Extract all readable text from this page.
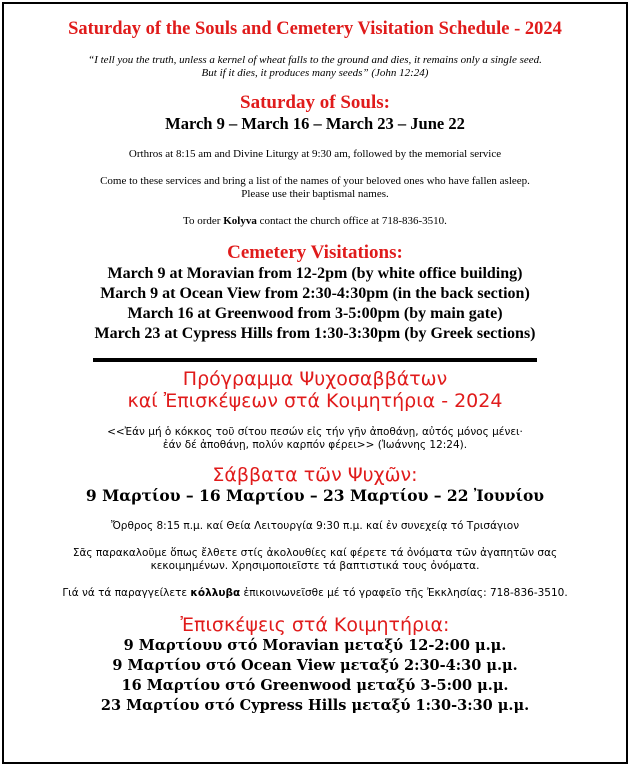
Saturday of the Souls and Cemetery Visitation Schedule - 2024
“I tell you the truth, unless a kernel of wheat falls to the ground and dies, it remains only a single seed.
But if it dies, it produces many seeds” (John 12:24)
Saturday of Souls:
March 9 – March 16 – March 23 – June 22
Orthros at 8:15 am and Divine Liturgy at 9:30 am, followed by the memorial service
Come to these services and bring a list of the names of your beloved ones who have fallen asleep.
Please use their baptismal names.
To order Kolyva contact the church office at 718-836-3510.
Cemetery Visitations:
March 9 at Moravian from 12-2pm (by white office building)
March 9 at Ocean View from 2:30-4:30pm (in the back section)
March 16 at Greenwood from 3-5:00pm (by main gate)
March 23 at Cypress Hills from 1:30-3:30pm (by Greek sections)
Πρόγραμμα Ψυχοσαββάτων
καί Ἐπισκέψεων στά Κοιμητήρια - 2024
<<Ἐάν μή ὁ κόκκος τοῦ σίτου πεσών εἰς τήν γῆν ἀποθάνῃ, αὐτός μόνος μένει·
ἐάν δέ ἀποθάνῃ, πολύν καρπόν φέρει>> (Ἰωάννης 12:24).
Σάββατα τῶν Ψυχῶν:
9 Μαρτίου – 16 Μαρτίου – 23 Μαρτίου – 22 Ἰουνίου
Ὄρθρος 8:15 π.μ. καί Θεία Λειτουργία 9:30 π.μ. καί ἐν συνεχείᾳ τό Τρισάγιον
Σᾶς παρακαλοῦμε ὅπως ἔλθετε στίς ἀκολουθίες καί φέρετε τά ὀνόματα τῶν ἀγαπητῶν σας
κεκοιμημένων. Χρησιμοποιεῖστε τά βαπτιστικά τους ὀνόματα.
Γιά νά τά παραγγείλετε κόλλυβα ἐπικοινωνεῖσθε μέ τό γραφεῖο τῆς Ἐκκλησίας: 718-836-3510.
Ἐπισκέψεις στά Κοιμητήρια:
9 Μαρτίουυ στό Moravian μεταξύ 12-2:00 μ.μ.
9 Μαρτίου στό Ocean View μεταξύ 2:30-4:30 μ.μ.
16 Μαρτίου στό Greenwood μεταξύ 3-5:00 μ.μ.
23 Μαρτίου στό Cypress Hills μεταξύ 1:30-3:30 μ.μ.
